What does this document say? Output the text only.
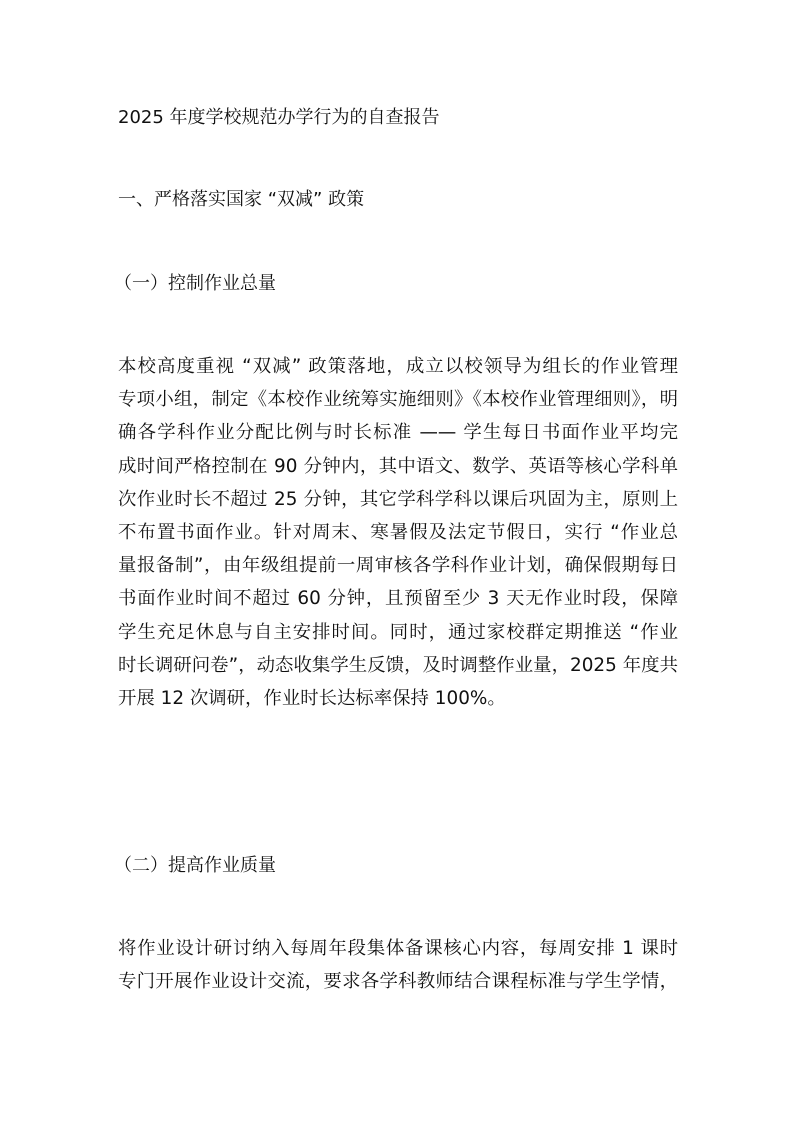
2025 年度学校规范办学行为的自查报告
一、严格落实国家 “双减” 政策
（一）控制作业总量
本校高度重视 “双减” 政策落地，成立以校领导为组长的作业管理
专项小组，制定《本校作业统筹实施细则》《本校作业管理细则》，明
确各学科作业分配比例与时长标准 —— 学生每日书面作业平均完
成时间严格控制在 90 分钟内，其中语文、数学、英语等核心学科单
次作业时长不超过 25 分钟，其它学科学科以课后巩固为主，原则上
不布置书面作业。针对周末、寒暑假及法定节假日，实行 “作业总
量报备制”，由年级组提前一周审核各学科作业计划，确保假期每日
书面作业时间不超过 60 分钟，且预留至少 3 天无作业时段，保障
学生充足休息与自主安排时间。同时，通过家校群定期推送 “作业
时长调研问卷”，动态收集学生反馈，及时调整作业量，2025 年度共
开展 12 次调研，作业时长达标率保持 100%。
（二）提高作业质量
将作业设计研讨纳入每周年段集体备课核心内容，每周安排 1 课时
专门开展作业设计交流，要求各学科教师结合课程标准与学生学情，
